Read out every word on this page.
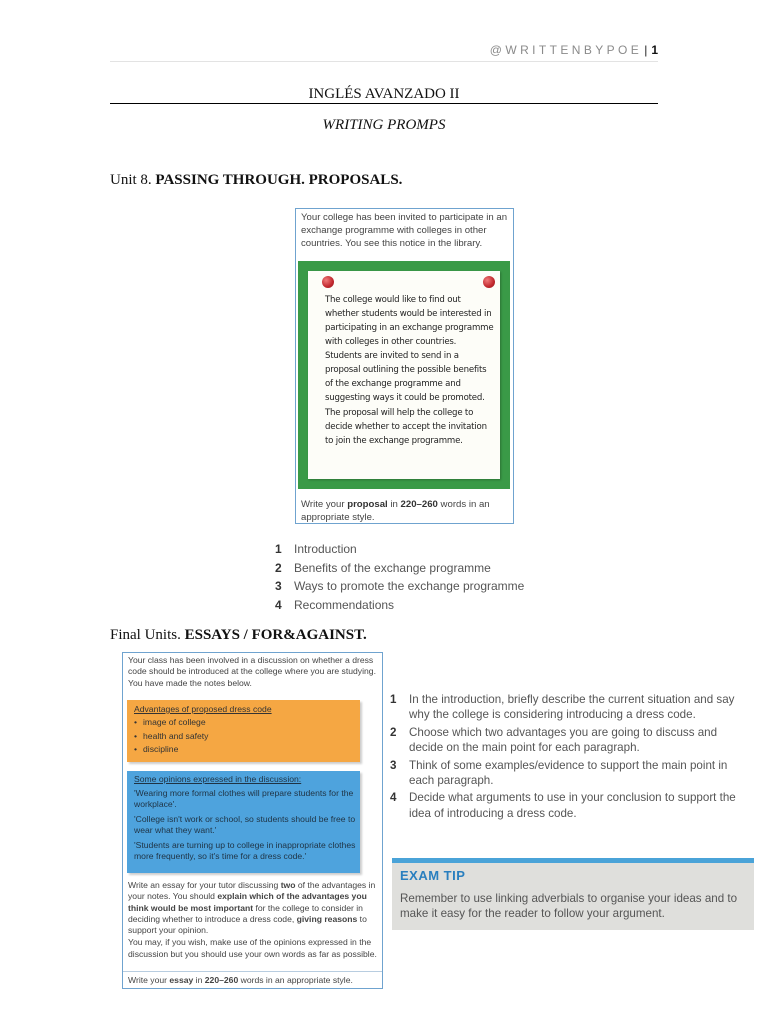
@WRITTENBYPOE | 1
INGLÉS AVANZADO II
WRITING PROMPS
Unit 8. PASSING THROUGH. PROPOSALS.
Your college has been invited to participate in an exchange programme with colleges in other countries. You see this notice in the library.

The college would like to find out whether students would be interested in participating in an exchange programme with colleges in other countries. Students are invited to send in a proposal outlining the possible benefits of the exchange programme and suggesting ways it could be promoted.

The proposal will help the college to decide whether to accept the invitation to join the exchange programme.

Write your proposal in 220–260 words in an appropriate style.
1 Introduction
2 Benefits of the exchange programme
3 Ways to promote the exchange programme
4 Recommendations
Final Units. ESSAYS / FOR&AGAINST.
Your class has been involved in a discussion on whether a dress code should be introduced at the college where you are studying. You have made the notes below.
Advantages of proposed dress code
• image of college
• health and safety
• discipline
Some opinions expressed in the discussion:
'Wearing more formal clothes will prepare students for the workplace'.
'College isn't work or school, so students should be free to wear what they want.'
'Students are turning up to college in inappropriate clothes more frequently, so it's time for a dress code.'

Write an essay for your tutor discussing two of the advantages in your notes. You should explain which of the advantages you think would be most important for the college to consider in deciding whether to introduce a dress code, giving reasons to support your opinion.

You may, if you wish, make use of the opinions expressed in the discussion but you should use your own words as far as possible.

Write your essay in 220–260 words in an appropriate style.
1 In the introduction, briefly describe the current situation and say why the college is considering introducing a dress code.
2 Choose which two advantages you are going to discuss and decide on the main point for each paragraph.
3 Think of some examples/evidence to support the main point in each paragraph.
4 Decide what arguments to use in your conclusion to support the idea of introducing a dress code.
EXAM TIP
Remember to use linking adverbials to organise your ideas and to make it easy for the reader to follow your argument.
